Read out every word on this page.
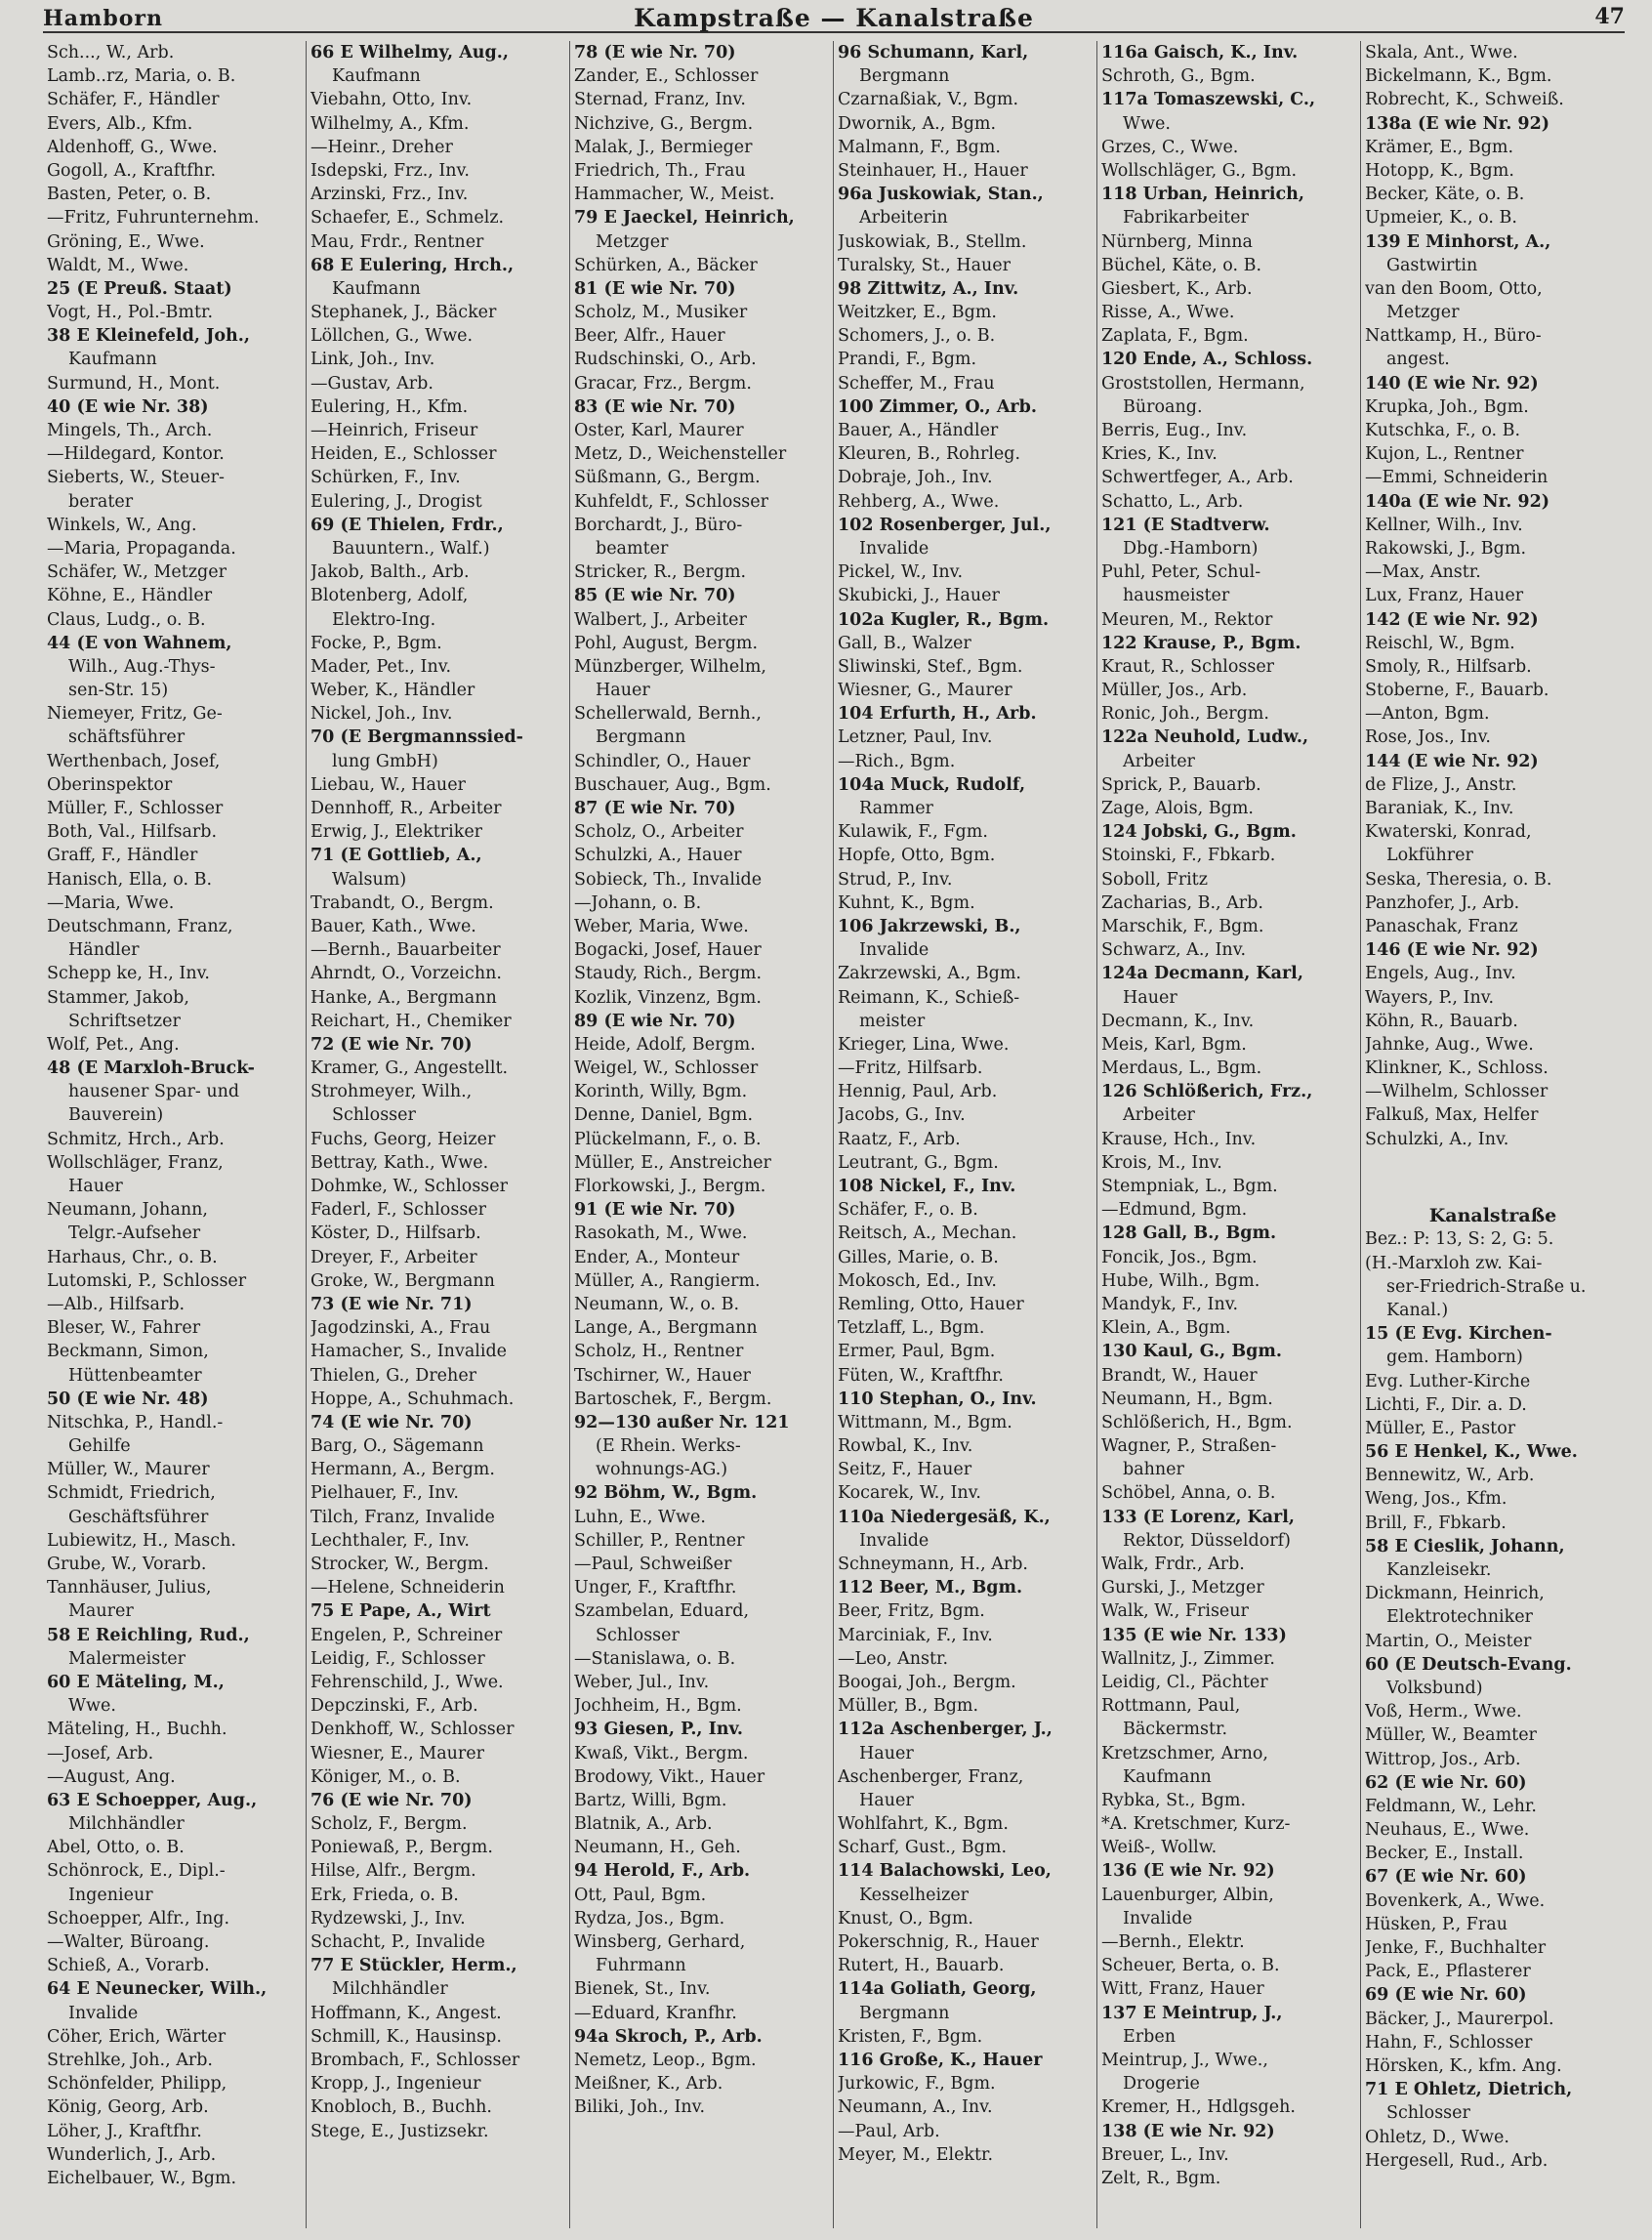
Hamborn	Kampstraße — Kanalstraße	47
Sch..., W., Arb.
Lamb..rz, Maria, o. B.
Schäfer, F., Händler
Evers, Alb., Kfm.
Aldenhoff, G., Wwe.
Gogoll, A., Kraftfhr.
Basten, Peter, o. B.
—Fritz, Fuhrunternehm.
Gröning, E., Wwe.
Waldt, M., Wwe.
25 (E Preuß. Staat)
Vogt, H., Pol.-Bmtr.
38 E Kleinefeld, Joh.,
Kaufmann
Surmund, H., Mont.
40 (E wie Nr. 38)
Mingels, Th., Arch.
—Hildegard, Kontor.
Sieberts, W., Steuer-
berater
Winkels, W., Ang.
—Maria, Propaganda.
Schäfer, W., Metzger
Köhne, E., Händler
Claus, Ludg., o. B.
44 (E von Wahnem,
Wilh., Aug.-Thys-
sen-Str. 15)
Niemeyer, Fritz, Ge-
schäftsführer
Werthenbach, Josef,
Oberinspektor
Müller, F., Schlosser
Both, Val., Hilfsarb.
Graff, F., Händler
Hanisch, Ella, o. B.
—Maria, Wwe.
Deutschmann, Franz,
Händler
Schepp ke, H., Inv.
Stammer, Jakob,
Schriftsetzer
Wolf, Pet., Ang.
48 (E Marxloh-Bruck-
hausener Spar- und
Bauverein)
Schmitz, Hrch., Arb.
Wollschläger, Franz,
Hauer
Neumann, Johann,
Telgr.-Aufseher
Harhaus, Chr., o. B.
Lutomski, P., Schlosser
—Alb., Hilfsarb.
Bleser, W., Fahrer
Beckmann, Simon,
Hüttenbeamter
50 (E wie Nr. 48)
Nitschka, P., Handl.-
Gehilfe
Müller, W., Maurer
Schmidt, Friedrich,
Geschäftsführer
Lubiewitz, H., Masch.
Grube, W., Vorarb.
Tannhäuser, Julius,
Maurer
58 E Reichling, Rud.,
Malermeister
60 E Mäteling, M.,
Wwe.
Mäteling, H., Buchh.
—Josef, Arb.
—August, Ang.
63 E Schoepper, Aug.,
Milchhändler
Abel, Otto, o. B.
Schönrock, E., Dipl.-
Ingenieur
Schoepper, Alfr., Ing.
—Walter, Büroang.
Schieß, A., Vorarb.
64 E Neunecker, Wilh.,
Invalide
Cöher, Erich, Wärter
Strehlke, Joh., Arb.
Schönfelder, Philipp,
König, Georg, Arb.
Löher, J., Kraftfhr.
Wunderlich, J., Arb.
Eichelbauer, W., Bgm.
66 E Wilhelmy, Aug.,
Kaufmann
Viebahn, Otto, Inv.
Wilhelmy, A., Kfm.
—Heinr., Dreher
Isdepski, Frz., Inv.
Arzinski, Frz., Inv.
Schaefer, E., Schmelz.
Mau, Frdr., Rentner
68 E Eulering, Hrch.,
Kaufmann
Stephanek, J., Bäcker
Löllchen, G., Wwe.
Link, Joh., Inv.
—Gustav, Arb.
Eulering, H., Kfm.
—Heinrich, Friseur
Heiden, E., Schlosser
Schürken, F., Inv.
Eulering, J., Drogist
69 (E Thielen, Frdr.,
Bauuntern., Walf.)
Jakob, Balth., Arb.
Blotenberg, Adolf,
Elektro-Ing.
Focke, P., Bgm.
Mader, Pet., Inv.
Weber, K., Händler
Nickel, Joh., Inv.
70 (E Bergmannssied-
lung GmbH)
Liebau, W., Hauer
Dennhoff, R., Arbeiter
Erwig, J., Elektriker
71 (E Gottlieb, A.,
Walsum)
Trabandt, O., Bergm.
Bauer, Kath., Wwe.
—Bernh., Bauarbeiter
Ahrndt, O., Vorzeichn.
Hanke, A., Bergmann
Reichart, H., Chemiker
72 (E wie Nr. 70)
Kramer, G., Angestellt.
Strohmeyer, Wilh.,
Schlosser
Fuchs, Georg, Heizer
Bettray, Kath., Wwe.
Dohmke, W., Schlosser
Faderl, F., Schlosser
Köster, D., Hilfsarb.
Dreyer, F., Arbeiter
Groke, W., Bergmann
73 (E wie Nr. 71)
Jagodzinski, A., Frau
Hamacher, S., Invalide
Thielen, G., Dreher
Hoppe, A., Schuhmach.
74 (E wie Nr. 70)
Barg, O., Sägemann
Hermann, A., Bergm.
Pielhauer, F., Inv.
Tilch, Franz, Invalide
Lechthaler, F., Inv.
Strocker, W., Bergm.
—Helene, Schneiderin
75 E Pape, A., Wirt
Engelen, P., Schreiner
Leidig, F., Schlosser
Fehrenschild, J., Wwe.
Depczinski, F., Arb.
Denkhoff, W., Schlosser
Wiesner, E., Maurer
Königer, M., o. B.
76 (E wie Nr. 70)
Scholz, F., Bergm.
Poniewaß, P., Bergm.
Hilse, Alfr., Bergm.
Erk, Frieda, o. B.
Rydzewski, J., Inv.
Schacht, P., Invalide
77 E Stückler, Herm.,
Milchhändler
Hoffmann, K., Angest.
Schmill, K., Hausinsp.
Brombach, F., Schlosser
Kropp, J., Ingenieur
Knobloch, B., Buchh.
Stege, E., Justizsekr.
78 (E wie Nr. 70)
Zander, E., Schlosser
Sternad, Franz, Inv.
Nichzive, G., Bergm.
Malak, J., Bermieger
Friedrich, Th., Frau
Hammacher, W., Meist.
79 E Jaeckel, Heinrich,
Metzger
Schürken, A., Bäcker
81 (E wie Nr. 70)
Scholz, M., Musiker
Beer, Alfr., Hauer
Rudschinski, O., Arb.
Gracar, Frz., Bergm.
83 (E wie Nr. 70)
Oster, Karl, Maurer
Metz, D., Weichensteller
Süßmann, G., Bergm.
Kuhfeldt, F., Schlosser
Borchardt, J., Büro-
beamter
Stricker, R., Bergm.
85 (E wie Nr. 70)
Walbert, J., Arbeiter
Pohl, August, Bergm.
Münzberger, Wilhelm,
Hauer
Schellerwald, Bernh.,
Bergmann
Schindler, O., Hauer
Buschauer, Aug., Bgm.
87 (E wie Nr. 70)
Scholz, O., Arbeiter
Schulzki, A., Hauer
Sobieck, Th., Invalide
—Johann, o. B.
Weber, Maria, Wwe.
Bogacki, Josef, Hauer
Staudy, Rich., Bergm.
Kozlik, Vinzenz, Bgm.
89 (E wie Nr. 70)
Heide, Adolf, Bergm.
Weigel, W., Schlosser
Korinth, Willy, Bgm.
Denne, Daniel, Bgm.
Plückelmann, F., o. B.
Müller, E., Anstreicher
Florkowski, J., Bergm.
91 (E wie Nr. 70)
Rasokath, M., Wwe.
Ender, A., Monteur
Müller, A., Rangierm.
Neumann, W., o. B.
Lange, A., Bergmann
Scholz, H., Rentner
Tschirner, W., Hauer
Bartoschek, F., Bergm.
92—130 außer Nr. 121
(E Rhein. Werks-
wohnungs-AG.)
92 Böhm, W., Bgm.
Luhn, E., Wwe.
Schiller, P., Rentner
—Paul, Schweißer
Unger, F., Kraftfhr.
Szambelan, Eduard,
Schlosser
—Stanislawa, o. B.
Weber, Jul., Inv.
Jochheim, H., Bgm.
93 Giesen, P., Inv.
Kwaß, Vikt., Bergm.
Brodowy, Vikt., Hauer
Bartz, Willi, Bgm.
Blatnik, A., Arb.
Neumann, H., Geh.
94 Herold, F., Arb.
Ott, Paul, Bgm.
Rydza, Jos., Bgm.
Winsberg, Gerhard,
Fuhrmann
Bienek, St., Inv.
—Eduard, Kranfhr.
94a Skroch, P., Arb.
Nemetz, Leop., Bgm.
Meißner, K., Arb.
Biliki, Joh., Inv.
96 Schumann, Karl,
Bergmann
Czarnaßiak, V., Bgm.
Dwornik, A., Bgm.
Malmann, F., Bgm.
Steinhauer, H., Hauer
96a Juskowiak, Stan.,
Arbeiterin
Juskowiak, B., Stellm.
Turalsky, St., Hauer
98 Zittwitz, A., Inv.
Weitzker, E., Bgm.
Schomers, J., o. B.
Prandi, F., Bgm.
Scheffer, M., Frau
100 Zimmer, O., Arb.
Bauer, A., Händler
Kleuren, B., Rohrleg.
Dobraje, Joh., Inv.
Rehberg, A., Wwe.
102 Rosenberger, Jul.,
Invalide
Pickel, W., Inv.
Skubicki, J., Hauer
102a Kugler, R., Bgm.
Gall, B., Walzer
Sliwinski, Stef., Bgm.
Wiesner, G., Maurer
104 Erfurth, H., Arb.
Letzner, Paul, Inv.
—Rich., Bgm.
104a Muck, Rudolf,
Rammer
Kulawik, F., Fgm.
Hopfe, Otto, Bgm.
Strud, P., Inv.
Kuhnt, K., Bgm.
106 Jakrzewski, B.,
Invalide
Zakrzewski, A., Bgm.
Reimann, K., Schieß-
meister
Krieger, Lina, Wwe.
—Fritz, Hilfsarb.
Hennig, Paul, Arb.
Jacobs, G., Inv.
Raatz, F., Arb.
Leutrant, G., Bgm.
108 Nickel, F., Inv.
Schäfer, F., o. B.
Reitsch, A., Mechan.
Gilles, Marie, o. B.
Mokosch, Ed., Inv.
Remling, Otto, Hauer
Tetzlaff, L., Bgm.
Ermer, Paul, Bgm.
Füten, W., Kraftfhr.
110 Stephan, O., Inv.
Wittmann, M., Bgm.
Rowbal, K., Inv.
Seitz, F., Hauer
Kocarek, W., Inv.
110a Niedergesäß, K.,
Invalide
Schneymann, H., Arb.
112 Beer, M., Bgm.
Beer, Fritz, Bgm.
Marciniak, F., Inv.
—Leo, Anstr.
Boogai, Joh., Bergm.
Müller, B., Bgm.
112a Aschenberger, J.,
Hauer
Aschenberger, Franz,
Hauer
Wohlfahrt, K., Bgm.
Scharf, Gust., Bgm.
114 Balachowski, Leo,
Kesselheizer
Knust, O., Bgm.
Pokerschnig, R., Hauer
Rutert, H., Bauarb.
114a Goliath, Georg,
Bergmann
Kristen, F., Bgm.
116 Große, K., Hauer
Jurkowic, F., Bgm.
Neumann, A., Inv.
—Paul, Arb.
Meyer, M., Elektr.
116a Gaisch, K., Inv.
Schroth, G., Bgm.
117a Tomaszewski, C.,
Wwe.
Grzes, C., Wwe.
Wollschläger, G., Bgm.
118 Urban, Heinrich,
Fabrikarbeiter
Nürnberg, Minna
Büchel, Käte, o. B.
Giesbert, K., Arb.
Risse, A., Wwe.
Zaplata, F., Bgm.
120 Ende, A., Schloss.
Groststollen, Hermann,
Büroang.
Berris, Eug., Inv.
Kries, K., Inv.
Schwertfeger, A., Arb.
Schatto, L., Arb.
121 (E Stadtverw.
Dbg.-Hamborn)
Puhl, Peter, Schul-
hausmeister
Meuren, M., Rektor
122 Krause, P., Bgm.
Kraut, R., Schlosser
Müller, Jos., Arb.
Ronic, Joh., Bergm.
122a Neuhold, Ludw.,
Arbeiter
Sprick, P., Bauarb.
Zage, Alois, Bgm.
124 Jobski, G., Bgm.
Stoinski, F., Fbkarb.
Soboll, Fritz
Zacharias, B., Arb.
Marschik, F., Bgm.
Schwarz, A., Inv.
124a Decmann, Karl,
Hauer
Decmann, K., Inv.
Meis, Karl, Bgm.
Merdaus, L., Bgm.
126 Schlößerich, Frz.,
Arbeiter
Krause, Hch., Inv.
Krois, M., Inv.
Stempniak, L., Bgm.
—Edmund, Bgm.
128 Gall, B., Bgm.
Foncik, Jos., Bgm.
Hube, Wilh., Bgm.
Mandyk, F., Inv.
Klein, A., Bgm.
130 Kaul, G., Bgm.
Brandt, W., Hauer
Neumann, H., Bgm.
Schlößerich, H., Bgm.
Wagner, P., Straßen-
bahner
Schöbel, Anna, o. B.
133 (E Lorenz, Karl,
Rektor, Düsseldorf)
Walk, Frdr., Arb.
Gurski, J., Metzger
Walk, W., Friseur
135 (E wie Nr. 133)
Wallnitz, J., Zimmer.
Leidig, Cl., Pächter
Rottmann, Paul,
Bäckermstr.
Kretzschmer, Arno,
Kaufmann
Rybka, St., Bgm.
*A. Kretschmer, Kurz-
Weiß-, Wollw.
136 (E wie Nr. 92)
Lauenburger, Albin,
Invalide
—Bernh., Elektr.
Scheuer, Berta, o. B.
Witt, Franz, Hauer
137 E Meintrup, J.,
Erben
Meintrup, J., Wwe.,
Drogerie
Kremer, H., Hdlgsgeh.
138 (E wie Nr. 92)
Breuer, L., Inv.
Zelt, R., Bgm.
Skala, Ant., Wwe.
Bickelmann, K., Bgm.
Robrecht, K., Schweiß.
138a (E wie Nr. 92)
Krämer, E., Bgm.
Hotopp, K., Bgm.
Becker, Käte, o. B.
Upmeier, K., o. B.
139 E Minhorst, A.,
Gastwirtin
van den Boom, Otto,
Metzger
Nattkamp, H., Büro-
angest.
140 (E wie Nr. 92)
Krupka, Joh., Bgm.
Kutschka, F., o. B.
Kujon, L., Rentner
—Emmi, Schneiderin
140a (E wie Nr. 92)
Kellner, Wilh., Inv.
Rakowski, J., Bgm.
—Max, Anstr.
Lux, Franz, Hauer
142 (E wie Nr. 92)
Reischl, W., Bgm.
Smoly, R., Hilfsarb.
Stoberne, F., Bauarb.
—Anton, Bgm.
Rose, Jos., Inv.
144 (E wie Nr. 92)
de Flize, J., Anstr.
Baraniak, K., Inv.
Kwaterski, Konrad,
Lokführer
Seska, Theresia, o. B.
Panzhofer, J., Arb.
Panaschak, Franz
146 (E wie Nr. 92)
Engels, Aug., Inv.
Wayers, P., Inv.
Köhn, R., Bauarb.
Jahnke, Aug., Wwe.
Klinkner, K., Schloss.
—Wilhelm, Schlosser
Falkuß, Max, Helfer
Schulzki, A., Inv.
Kanalstraße
Bez.: P: 13, S: 2, G: 5.
(H.-Marxloh zw. Kai-
ser-Friedrich-Straße u.
Kanal.)
15 (E Evg. Kirchen-
gem. Hamborn)
Evg. Luther-Kirche
Lichti, F., Dir. a. D.
Müller, E., Pastor
56 E Henkel, K., Wwe.
Bennewitz, W., Arb.
Weng, Jos., Kfm.
Brill, F., Fbkarb.
58 E Cieslik, Johann,
Kanzleisekr.
Dickmann, Heinrich,
Elektrotechniker
Martin, O., Meister
60 (E Deutsch-Evang.
Volksbund)
Voß, Herm., Wwe.
Müller, W., Beamter
Wittrop, Jos., Arb.
62 (E wie Nr. 60)
Feldmann, W., Lehr.
Neuhaus, E., Wwe.
Becker, E., Install.
67 (E wie Nr. 60)
Bovenkerk, A., Wwe.
Hüsken, P., Frau
Jenke, F., Buchhalter
Pack, E., Pflasterer
69 (E wie Nr. 60)
Bäcker, J., Maurerpol.
Hahn, F., Schlosser
Hörsken, K., kfm. Ang.
71 E Ohletz, Dietrich,
Schlosser
Ohletz, D., Wwe.
Hergesell, Rud., Arb.
